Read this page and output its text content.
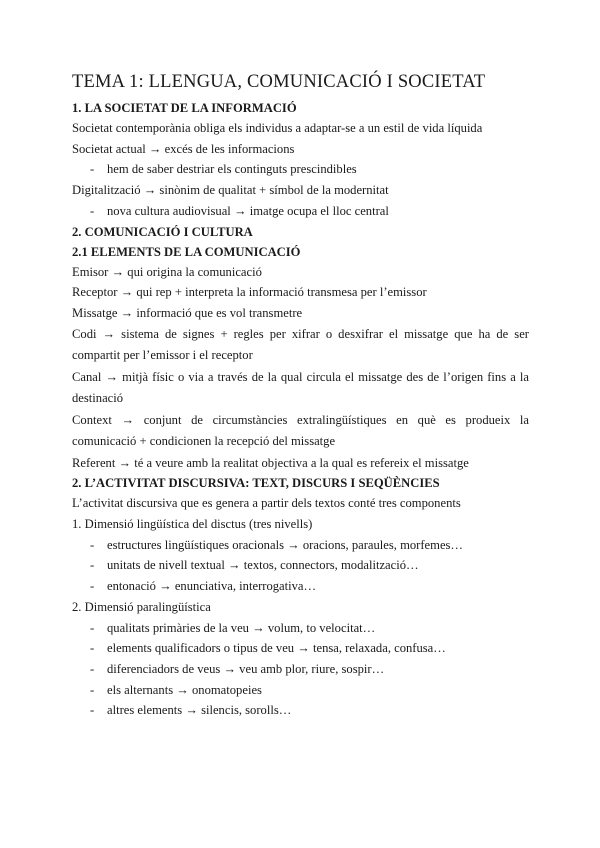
TEMA 1: LLENGUA, COMUNICACIÓ I SOCIETAT
1. LA SOCIETAT DE LA INFORMACIÓ
Societat contemporània obliga els individus a adaptar-se a un estil de vida líquida
Societat actual → excés de les informacions
- hem de saber destriar els continguts prescindibles
Digitalització → sinònim de qualitat + símbol de la modernitat
- nova cultura audiovisual → imatge ocupa el lloc central
2. COMUNICACIÓ I CULTURA
2.1 ELEMENTS DE LA COMUNICACIÓ
Emisor → qui origina la comunicació
Receptor → qui rep + interpreta la informació transmesa per l’emissor
Missatge → informació que es vol transmetre
Codi → sistema de signes + regles per xifrar o desxifrar el missatge que ha de ser compartit per l’emissor i el receptor
Canal → mitjà físic o via a través de la qual circula el missatge des de l’origen fins a la destinació
Context → conjunt de circumstàncies extralingüístiques en què es produeix la comunicació + condicionen la recepció del missatge
Referent → té a veure amb la realitat objectiva a la qual es refereix el missatge
2. L’ACTIVITAT DISCURSIVA: TEXT, DISCURS I SEQÜÈNCIES
L’activitat discursiva que es genera a partir dels textos conté tres components
1. Dimensió lingüística del disctus (tres nivells)
- estructures lingüístiques oracionals → oracions, paraules, morfemes…
- unitats de nivell textual → textos, connectors, modalització…
- entonació → enunciativa, interrogativa…
2. Dimensió paralingüística
- qualitats primàries de la veu → volum, to velocitat…
- elements qualificadors o tipus de veu → tensa, relaxada, confusa…
- diferenciadors de veus → veu amb plor, riure, sospir…
- els alternants → onomatopeies
- altres elements → silencis, sorolls…
